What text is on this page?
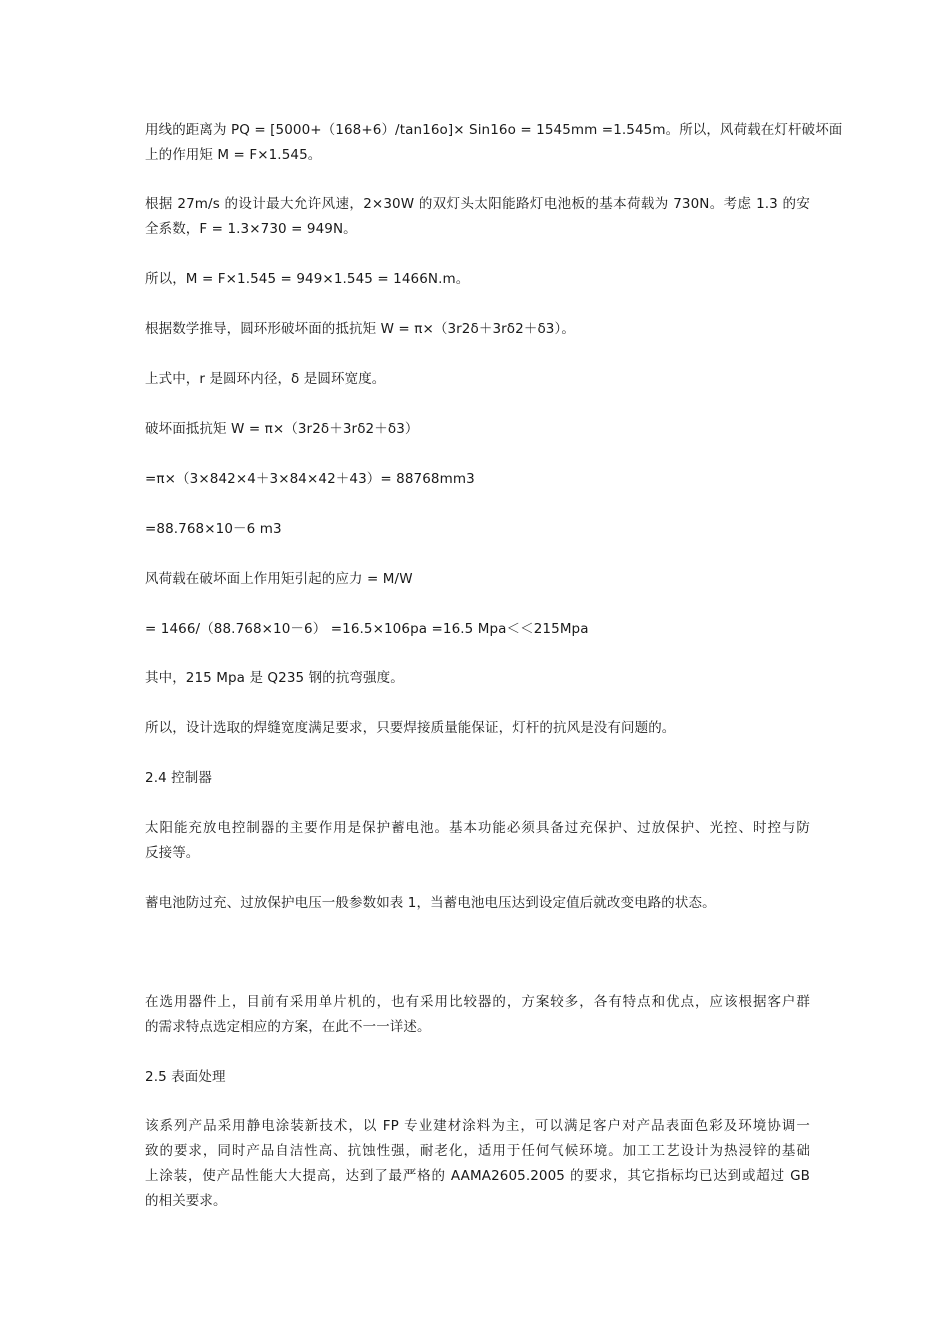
用线的距离为 PQ = [5000+（168+6）/tan16o]× Sin16o = 1545mm =1.545m。所以，风荷载在灯杆破坏面
上的作用矩 M = F×1.545。
根据 27m/s 的设计最大允许风速，2×30W 的双灯头太阳能路灯电池板的基本荷载为 730N。考虑 1.3 的安
全系数，F = 1.3×730 = 949N。
所以，M = F×1.545 = 949×1.545 = 1466N.m。
根据数学推导，圆环形破坏面的抵抗矩 W = π×（3r2δ＋3rδ2＋δ3）。
上式中，r 是圆环内径，δ 是圆环宽度。
破坏面抵抗矩 W = π×（3r2δ＋3rδ2＋δ3）
=π×（3×842×4＋3×84×42＋43）= 88768mm3
=88.768×10－6 m3
风荷载在破坏面上作用矩引起的应力 = M/W
= 1466/（88.768×10－6） =16.5×106pa =16.5 Mpa＜＜215Mpa
其中，215 Mpa 是 Q235 钢的抗弯强度。
所以，设计选取的焊缝宽度满足要求，只要焊接质量能保证，灯杆的抗风是没有问题的。
2.4 控制器
太阳能充放电控制器的主要作用是保护蓄电池。基本功能必须具备过充保护、过放保护、光控、时控与防
反接等。
蓄电池防过充、过放保护电压一般参数如表 1，当蓄电池电压达到设定值后就改变电路的状态。
在选用器件上，目前有采用单片机的，也有采用比较器的，方案较多，各有特点和优点，应该根据客户群
的需求特点选定相应的方案，在此不一一详述。
2.5 表面处理
该系列产品采用静电涂装新技术，以 FP 专业建材涂料为主，可以满足客户对产品表面色彩及环境协调一
致的要求，同时产品自洁性高、抗蚀性强，耐老化，适用于任何气候环境。加工工艺设计为热浸锌的基础
上涂装，使产品性能大大提高，达到了最严格的 AAMA2605.2005 的要求，其它指标均已达到或超过 GB
的相关要求。
